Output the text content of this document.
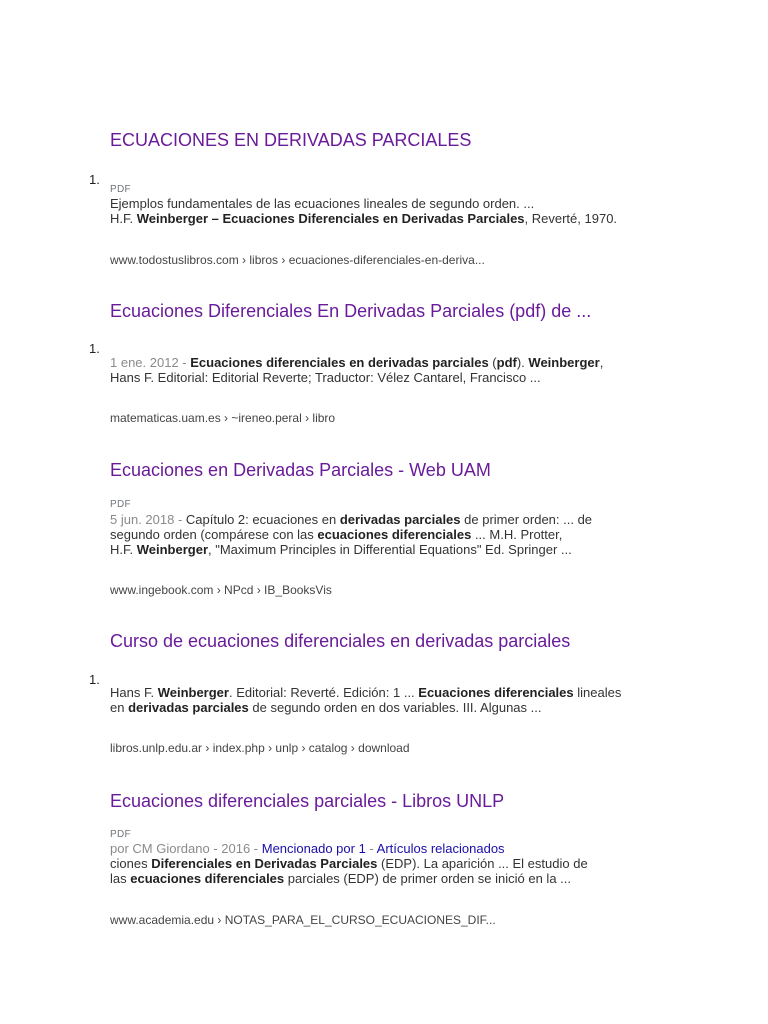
ECUACIONES EN DERIVADAS PARCIALES
1.
PDF
Ejemplos fundamentales de las ecuaciones lineales de segundo orden. ...
H.F. Weinberger – Ecuaciones Diferenciales en Derivadas Parciales, Reverté, 1970.
www.todostuslibros.com › libros › ecuaciones-diferenciales-en-deriva...
Ecuaciones Diferenciales En Derivadas Parciales (pdf) de ...
1.
1 ene. 2012 - Ecuaciones diferenciales en derivadas parciales (pdf). Weinberger,
Hans F. Editorial: Editorial Reverte; Traductor: Vélez Cantarel, Francisco ...
matematicas.uam.es › ~ireneo.peral › libro
Ecuaciones en Derivadas Parciales - Web UAM
PDF
5 jun. 2018 - Capítulo 2: ecuaciones en derivadas parciales de primer orden: ... de
segundo orden (compárese con las ecuaciones diferenciales ... M.H. Protter,
H.F. Weinberger, "Maximum Principles in Differential Equations" Ed. Springer ...
www.ingebook.com › NPcd › IB_BooksVis
Curso de ecuaciones diferenciales en derivadas parciales
1.
Hans F. Weinberger. Editorial: Reverté. Edición: 1 ... Ecuaciones diferenciales lineales
en derivadas parciales de segundo orden en dos variables. III. Algunas ...
libros.unlp.edu.ar › index.php › unlp › catalog › download
Ecuaciones diferenciales parciales - Libros UNLP
PDF
por CM Giordano - 2016 - Mencionado por 1 - Artículos relacionados
ciones Diferenciales en Derivadas Parciales (EDP). La aparición ... El estudio de
las ecuaciones diferenciales parciales (EDP) de primer orden se inició en la ...
www.academia.edu › NOTAS_PARA_EL_CURSO_ECUACIONES_DIF...
